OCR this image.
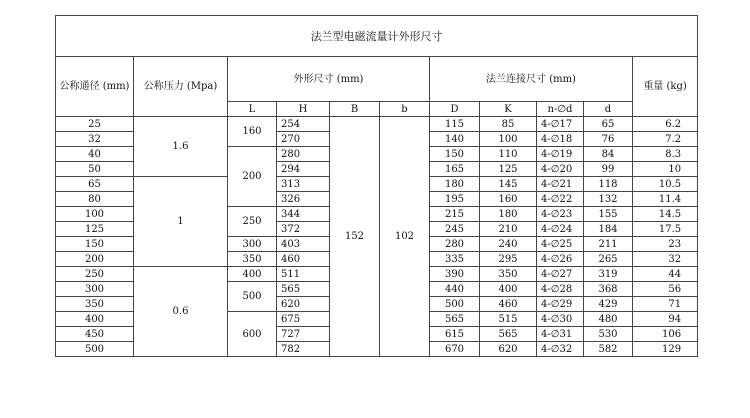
法兰型电磁流量计外形尺寸										
公称通径 (mm)	公称压力 (Mpa)	外形尺寸 (mm)				法兰连接尺寸 (mm)				重量 (kg)
		L	H	B	b	D	K	n-∅d	d	
25	1.6	160	254	152	102	115	85	4-∅17	65	6.2
32			270			140	100	4-∅18	76	7.2
40		200	280			150	110	4-∅19	84	8.3
50			294			165	125	4-∅20	99	10
65	1		313			180	145	4-∅21	118	10.5
80			326			195	160	4-∅22	132	11.4
100		250	344			215	180	4-∅23	155	14.5
125			372			245	210	4-∅24	184	17.5
150		300	403			280	240	4-∅25	211	23
200		350	460			335	295	4-∅26	265	32
250	0.6	400	511			390	350	4-∅27	319	44
300		500	565			440	400	4-∅28	368	56
350			620			500	460	4-∅29	429	71
400		600	675			565	515	4-∅30	480	94
450			727			615	565	4-∅31	530	106
500			782			670	620	4-∅32	582	129
